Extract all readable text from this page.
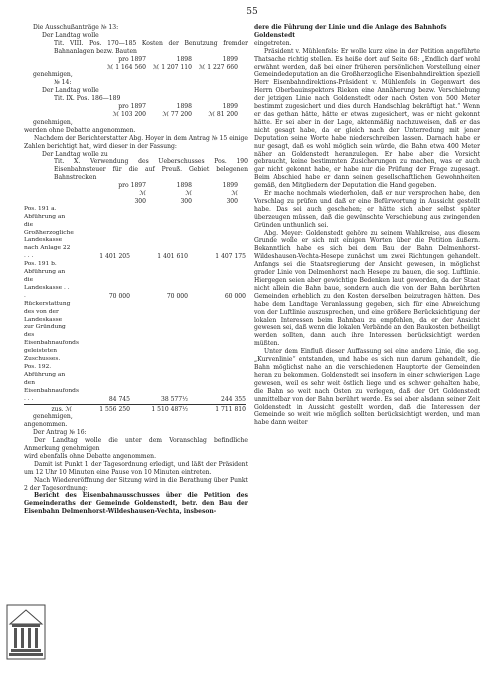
55

Die Ausschußanträge № 13:

Der Landtag wolle

Tit. VIII. Pos. 170—185 Kosten der Benutzung fremder Bahnanlagen bezw. Bauten

pro 1897	1898	1899
ℳ 1 164 560	ℳ 1 207 110	ℳ 1 227 660

genehmigen,

№ 14:

Der Landtag wolle

Tit. IX. Pos. 186—189

pro 1897	1898	1899
ℳ 103 200	ℳ 77 200	ℳ 81 200

genehmigen,

werden ohne Debatte angenommen.

Nachdem der Berichterstatter Abg. Hoyer in dem Antrag № 15 einige Zahlen berichtigt hat, wird dieser in der Fassung:

Der Landtag wolle zu

Tit. X. Verwendung des Ueberschusses Pos. 190 Eisenbahnsteuer für die auf Preuß. Gebiet belegenen Bahnstrecken

pro 1897	1898	1899
ℳ	ℳ	ℳ
300	300	300
Pos. 191 a. Abführung an die Großherzogliche Landeskasse nach Anlage 22 . . .	1 401 205	1 401 610	1 407 175
Pos. 191 b. Abführung an die Landeskasse . . .	70 000	70 000	60 000
Rückerstattung des von der Landeskasse zur Gründung des Eisenbahnaufonds geleisteten Zuschusses.
Pos. 192. Abführung an den Eisenbahnaufonds . . .	84 745	38 577½	244 355
zus. ℳ	1 556 250	1 510 487½	1 711 810

genehmigen,

angenommen.

Der Antrag № 16:

Der Landtag wolle die unter dem Voranschlag befindliche Anmerkung genehmigen

wird ebenfalls ohne Debatte angenommen.

Damit ist Punkt 1 der Tagesordnung erledigt, und läßt der Präsident um 12 Uhr 10 Minuten eine Pause von 10 Minuten eintreten.

Nach Wiedereröffnung der Sitzung wird in die Berathung über Punkt 2 der Tagesordnung:

Bericht des Eisenbahnausschusses über die Petition des Gemeinderaths der Gemeinde Goldenstedt, betr. den Bau der Eisenbahn Delmenhorst-Wildeshausen-Vechta, insbeson-

dere die Führung der Linie und die Anlage des Bahnhofs Goldenstedt

eingetreten.

Präsident v. Mühlenfels: Er wolle kurz eine in der Petition angeführte Thatsache richtig stellen. Es heiße dort auf Seite 68: „Endlich darf wohl erwähnt werden, daß bei einer früheren persönlichen Vorstellung einer Gemeindedeputation an die Großherzogliche Eisenbahndirektion speziell Herr Eisenbahndirektions-Präsident v. Mühlenfels in Gegenwart des Herrn Oberbauinspektors Rieken eine Annäherung bezw. Verschiebung der jetzigen Linie nach Goldenstedt oder nach Osten von 500 Meter bestimmt zugesichert und dies durch Handschlag bekräftigt hat.“ Wenn er das gethan hätte, hätte er etwas zugesichert, was er nicht gekonnt hätte. Er sei aber in der Lage, aktenmäßig nachzuweisen, daß er das nicht gesagt habe, da er gleich nach der Unterredung mit jener Deputation seine Worte habe niederschreiben lassen. Darnach habe er nur gesagt, daß es wohl möglich sein würde, die Bahn etwa 400 Meter näher an Goldenstedt heranzulegen. Er habe aber die Vorsicht gebraucht, keine bestimmten Zusicherungen zu machen, was er auch gar nicht gekonnt habe, er habe nur die Prüfung der Frage zugesagt. Beim Abschied habe er dann seinen gesellschaftlichen Gewohnheiten gemäß, den Mitgliedern der Deputation die Hand gegeben.

Er mache nochmals wiederholen, daß er nur versprochen habe, den Vorschlag zu prüfen und daß er eine Befürwortung in Aussicht gestellt habe. Das sei auch geschehen; er hätte sich aber selbst später überzeugen müssen, daß die gewünschte Verschiebung aus zwingenden Gründen unthunlich sei.

Abg. Meyer: Goldenstedt gehöre zu seinem Wahlkreise, aus diesem Grunde wolle er sich mit einigen Worten über die Petition äußern. Bekanntlich habe es sich bei dem Bau der Bahn Delmenhorst-Wildeshausen-Vechta-Hesepe zunächst um zwei Richtungen gehandelt. Anfangs sei die Staatsregierung der Ansicht gewesen, in möglichst grader Linie von Delmenhorst nach Hesepe zu bauen, die sog. Luftlinie. Hiergegen seien aber gewichtige Bedenken laut geworden, da der Staat nicht allein die Bahn baue, sondern auch die von der Bahn berührten Gemeinden erheblich zu den Kosten derselben beizutragen hätten. Des habe dem Landtage Veranlassung gegeben, sich für eine Abweichung von der Luftlinie auszusprechen, und eine größere Berücksichtigung der lokalen Interessen beim Bahnbau zu empfehlen, da er der Ansicht gewesen sei, daß wenn die lokalen Verbände an den Baukosten betheiligt werden sollten, dann auch ihre Interessen berücksichtigt werden müßten.

Unter dem Einfluß dieser Auffassung sei eine andere Linie, die sog. „Kurvenlinie“ entstanden, und habe es sich nun darum gehandelt, die Bahn möglichst nahe an die verschiedenen Hauptorte der Gemeinden heran zu bekommen. Goldenstedt sei insofern in einer schwierigen Lage gewesen, weil es sehr weit östlich liege und es schwer gehalten habe, die Bahn so weit nach Osten zu verlegen, daß der Ort Goldenstedt unmittelbar von der Bahn berührt werde. Es sei aber alsdann seiner Zeit Goldenstedt in Aussicht gestellt worden, daß die Interessen der Gemeinde so weit wie möglich sollten berücksichtigt werden, und man habe dann weiter
